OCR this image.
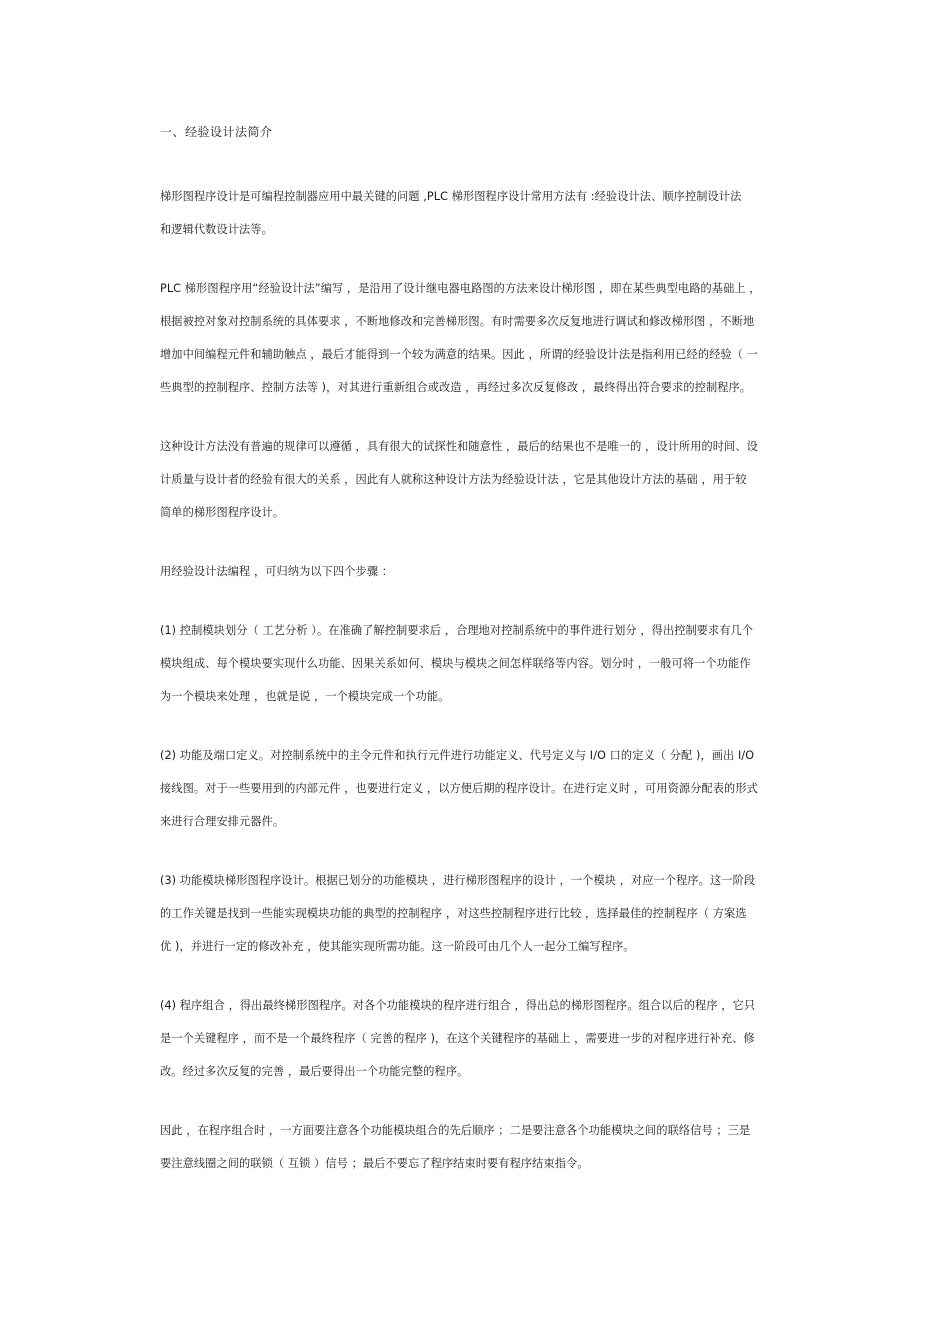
一、经验设计法简介
梯形图程序设计是可编程控制器应用中最关键的问题 ,PLC 梯形图程序设计常用方法有 :经验设计法、顺序控制设计法
和逻辑代数设计法等。
PLC 梯形图程序用“经验设计法”编写 ，是沿用了设计继电器电路图的方法来设计梯形图 ，即在某些典型电路的基础上 ，
根据被控对象对控制系统的具体要求 ，不断地修改和完善梯形图。有时需要多次反复地进行调试和修改梯形图 ，不断地
增加中间编程元件和辅助触点 ，最后才能得到一个较为满意的结果。因此 ，所谓的经验设计法是指利用已经的经验（ 一
些典型的控制程序、控制方法等 )，对其进行重新组合或改造 ，再经过多次反复修改 ，最终得出符合要求的控制程序。
这种设计方法没有普遍的规律可以遵循 ，具有很大的试探性和随意性 ，最后的结果也不是唯一的 ，设计所用的时间、设
计质量与设计者的经验有很大的关系 ，因此有人就称这种设计方法为经验设计法 ，它是其他设计方法的基础 ，用于较
简单的梯形图程序设计。
用经验设计法编程 ，可归纳为以下四个步骤 ：
(1) 控制模块划分（ 工艺分析 ）。在准确了解控制要求后 ，合理地对控制系统中的事件进行划分 ，得出控制要求有几个
模块组成、每个模块要实现什么功能、因果关系如何、模块与模块之间怎样联络等内容。划分时 ，一般可将一个功能作
为一个模块来处理 ，也就是说 ，一个模块完成一个功能。
(2) 功能及端口定义。对控制系统中的主令元件和执行元件进行功能定义、代号定义与 I/O 口的定义（ 分配 )，画出 I/O
接线图。对于一些要用到的内部元件 ，也要进行定义 ，以方便后期的程序设计。在进行定义时 ，可用资源分配表的形式
来进行合理安排元器件。
(3) 功能模块梯形图程序设计。根据已划分的功能模块 ，进行梯形图程序的设计 ，一个模块 ，对应一个程序。这一阶段
的工作关键是找到一些能实现模块功能的典型的控制程序 ，对这些控制程序进行比较 ，选择最佳的控制程序（ 方案选
优 )，并进行一定的修改补充 ，使其能实现所需功能。这一阶段可由几个人一起分工编写程序。
(4) 程序组合 ，得出最终梯形图程序。对各个功能模块的程序进行组合 ，得出总的梯形图程序。组合以后的程序 ，它只
是一个关键程序 ，而不是一个最终程序（ 完善的程序 )，在这个关键程序的基础上 ，需要进一步的对程序进行补充、修
改。经过多次反复的完善 ，最后要得出一个功能完整的程序。
因此 ，在程序组合时 ，一方面要注意各个功能模块组合的先后顺序 ；二是要注意各个功能模块之间的联络信号 ；三是
要注意线圈之间的联锁（ 互锁 ）信号 ；最后不要忘了程序结束时要有程序结束指令。
